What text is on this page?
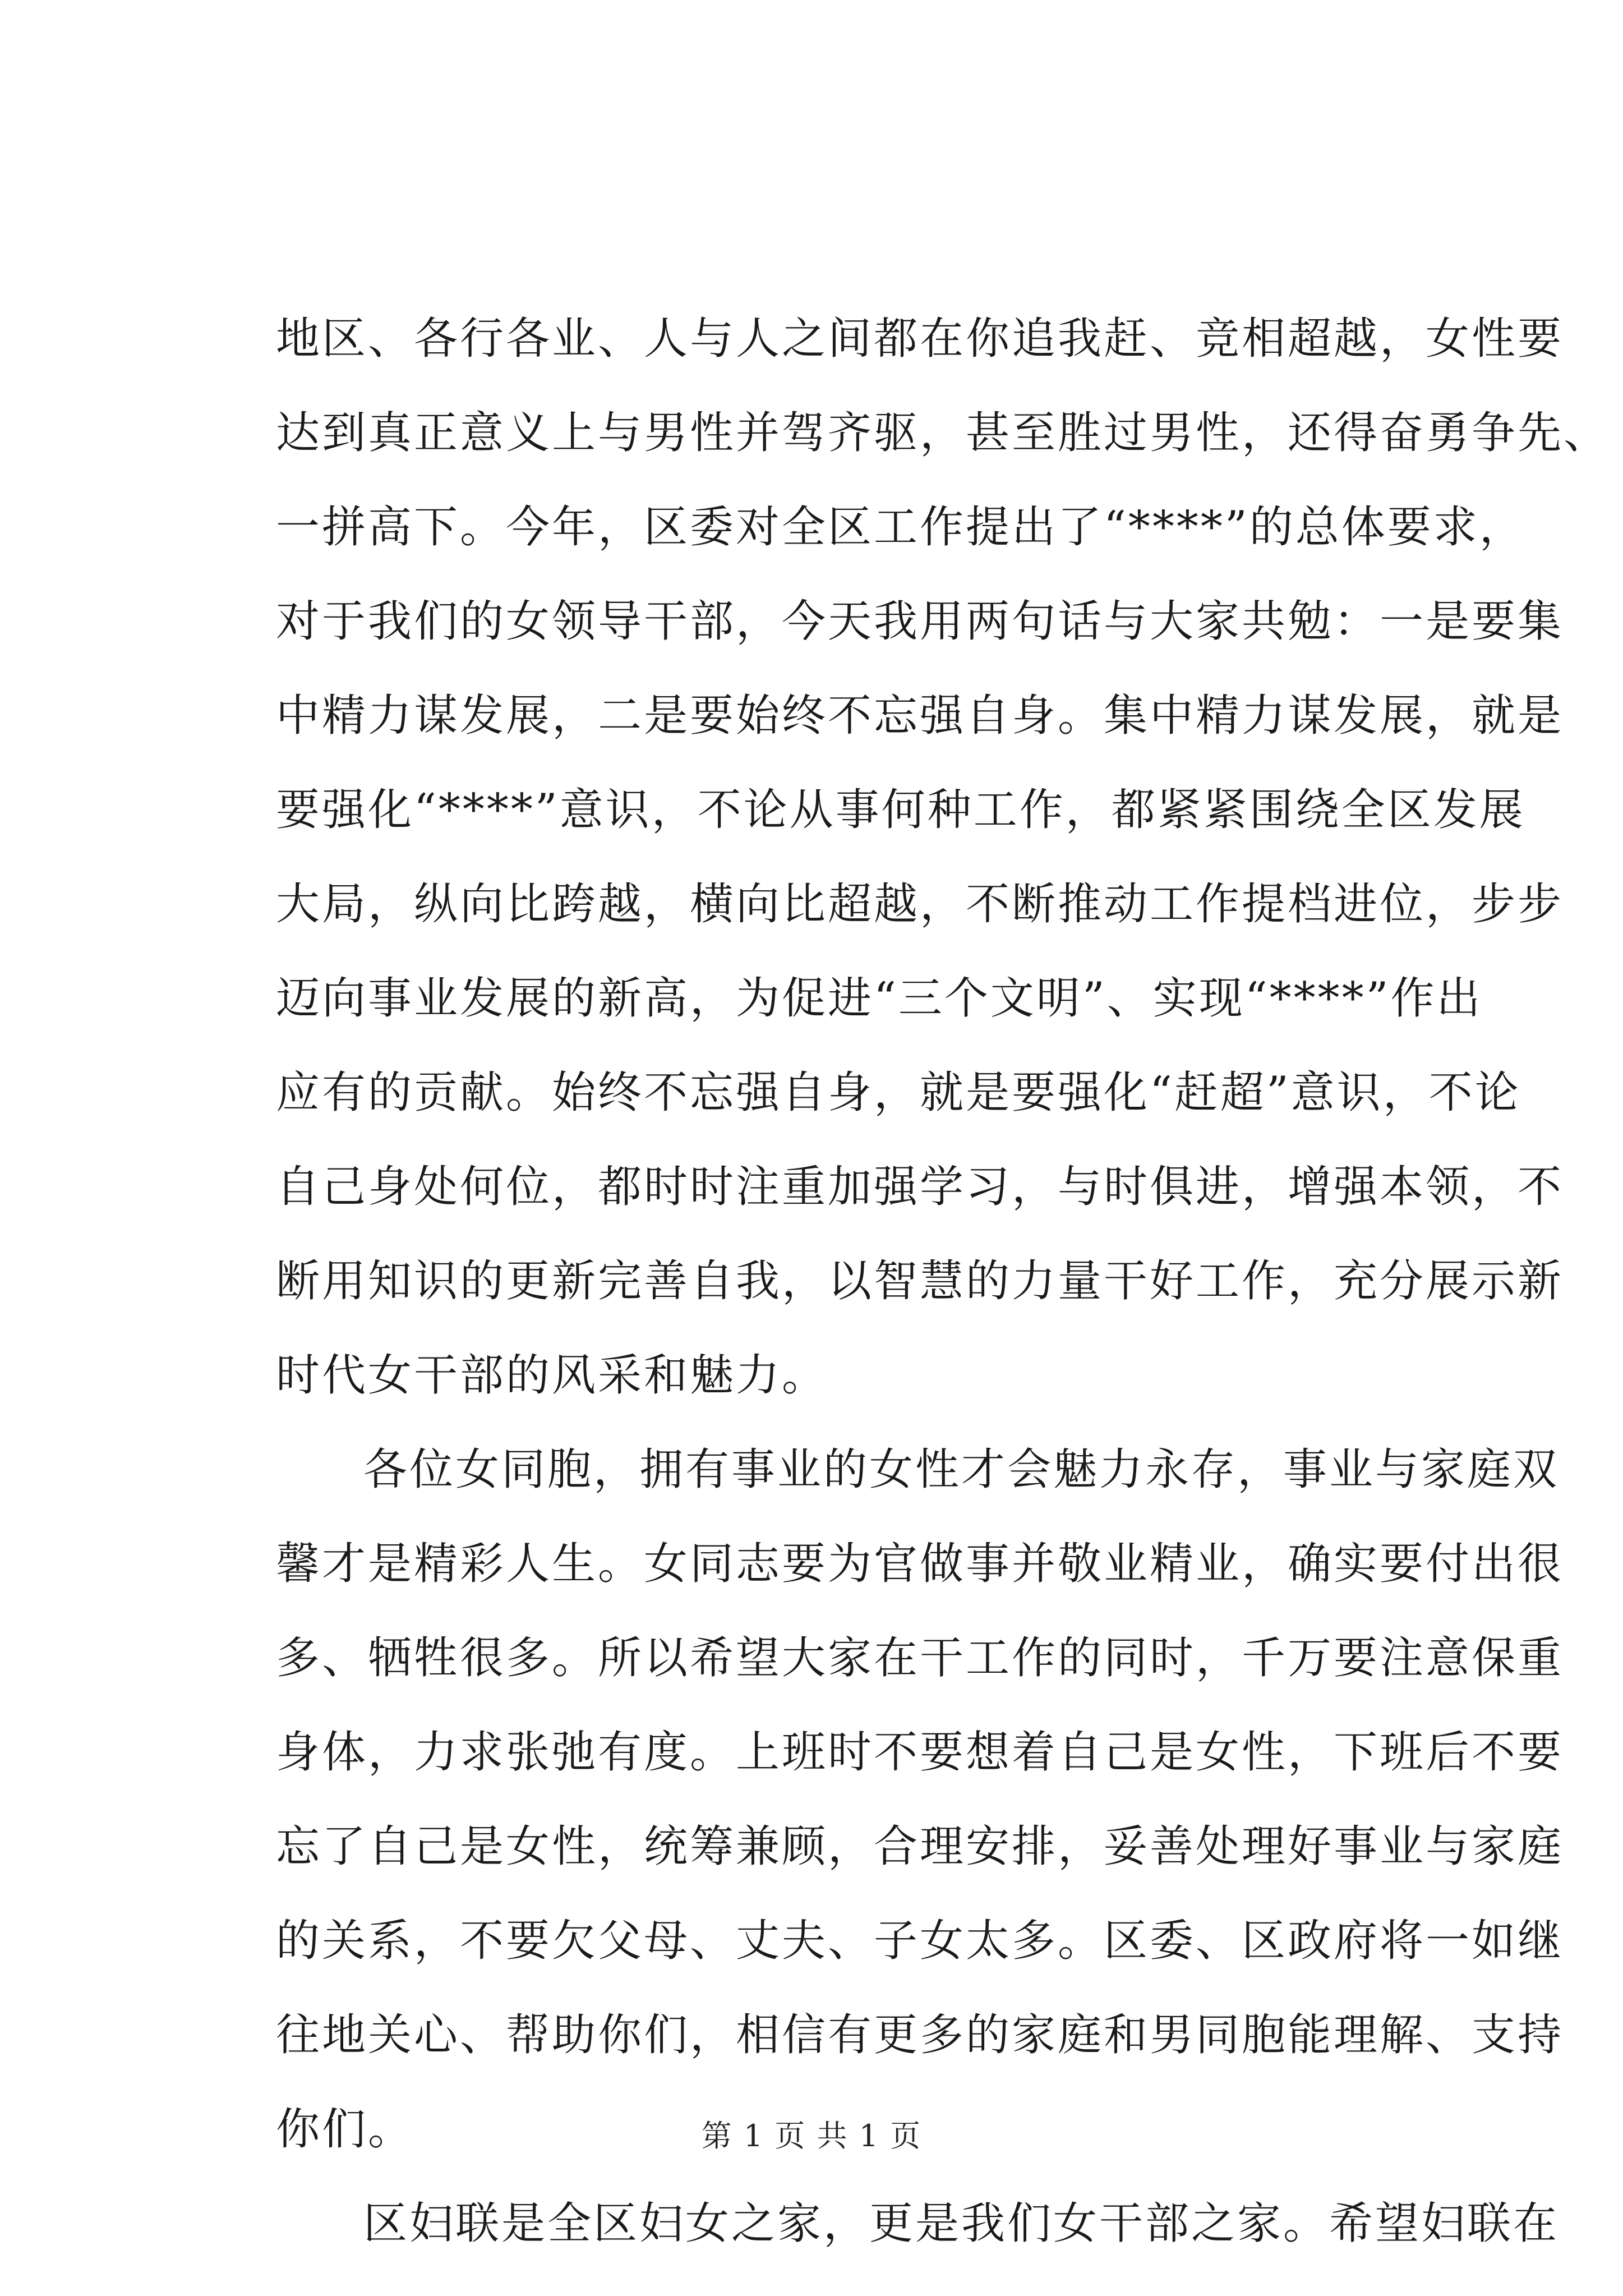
地区、各行各业、人与人之间都在你追我赶、竞相超越，女性要
达到真正意义上与男性并驾齐驱，甚至胜过男性，还得奋勇争先、
一拼高下。今年，区委对全区工作提出了“****”的总体要求，
对于我们的女领导干部，今天我用两句话与大家共勉：一是要集
中精力谋发展，二是要始终不忘强自身。集中精力谋发展，就是
要强化“****”意识，不论从事何种工作，都紧紧围绕全区发展
大局，纵向比跨越，横向比超越，不断推动工作提档进位，步步
迈向事业发展的新高，为促进“三个文明”、实现“****”作出
应有的贡献。始终不忘强自身，就是要强化“赶超”意识，不论
自己身处何位，都时时注重加强学习，与时俱进，增强本领，不
断用知识的更新完善自我，以智慧的力量干好工作，充分展示新
时代女干部的风采和魅力。

各位女同胞，拥有事业的女性才会魅力永存，事业与家庭双
馨才是精彩人生。女同志要为官做事并敬业精业，确实要付出很
多、牺牲很多。所以希望大家在干工作的同时，千万要注意保重
身体，力求张弛有度。上班时不要想着自己是女性，下班后不要
忘了自己是女性，统筹兼顾，合理安排，妥善处理好事业与家庭
的关系，不要欠父母、丈夫、子女太多。区委、区政府将一如继
往地关心、帮助你们，相信有更多的家庭和男同胞能理解、支持
你们。

区妇联是全区妇女之家，更是我们女干部之家。希望妇联在

第 1 页 共 1 页
